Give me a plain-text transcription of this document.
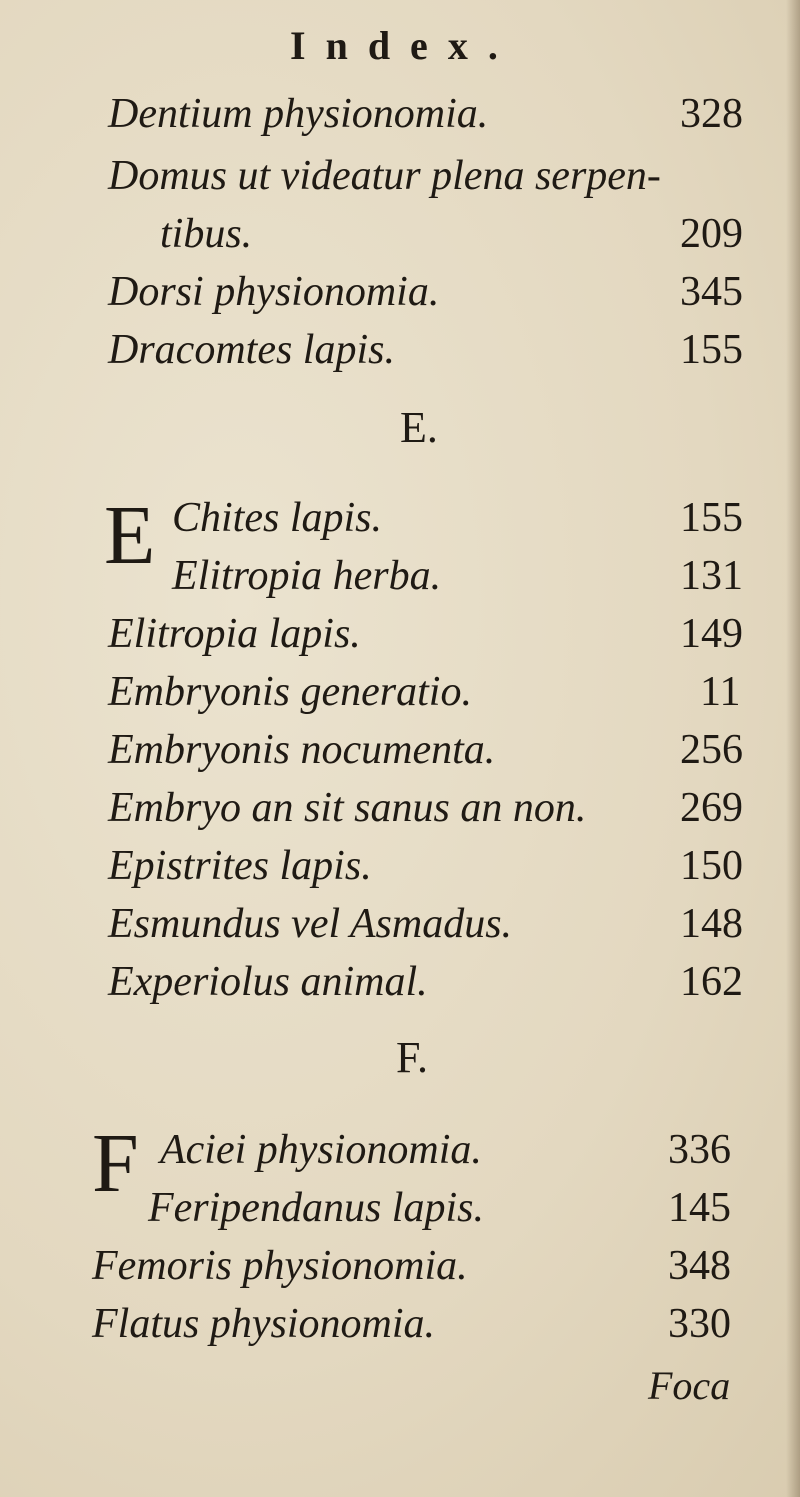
Index.
Dentium physionomia.	328
Domus ut videatur plena serpen-
tibus.	209
Dorsi physionomia.	345
Dracomtes lapis.	155
E.
E Chites lapis.	155
Elitropia herba.	131
Elitropia lapis.	149
Embryonis generatio.	11
Embryonis nocumenta.	256
Embryo an sit sanus an non. 269
Epistrites lapis.	150
Esmundus vel Asmadus.	148
Experiolus animal.	162
F.
F Aciei physionomia.	336
Feripendanus lapis.	145
Femoris physionomia.	348
Flatus physionomia.	330
Foca
